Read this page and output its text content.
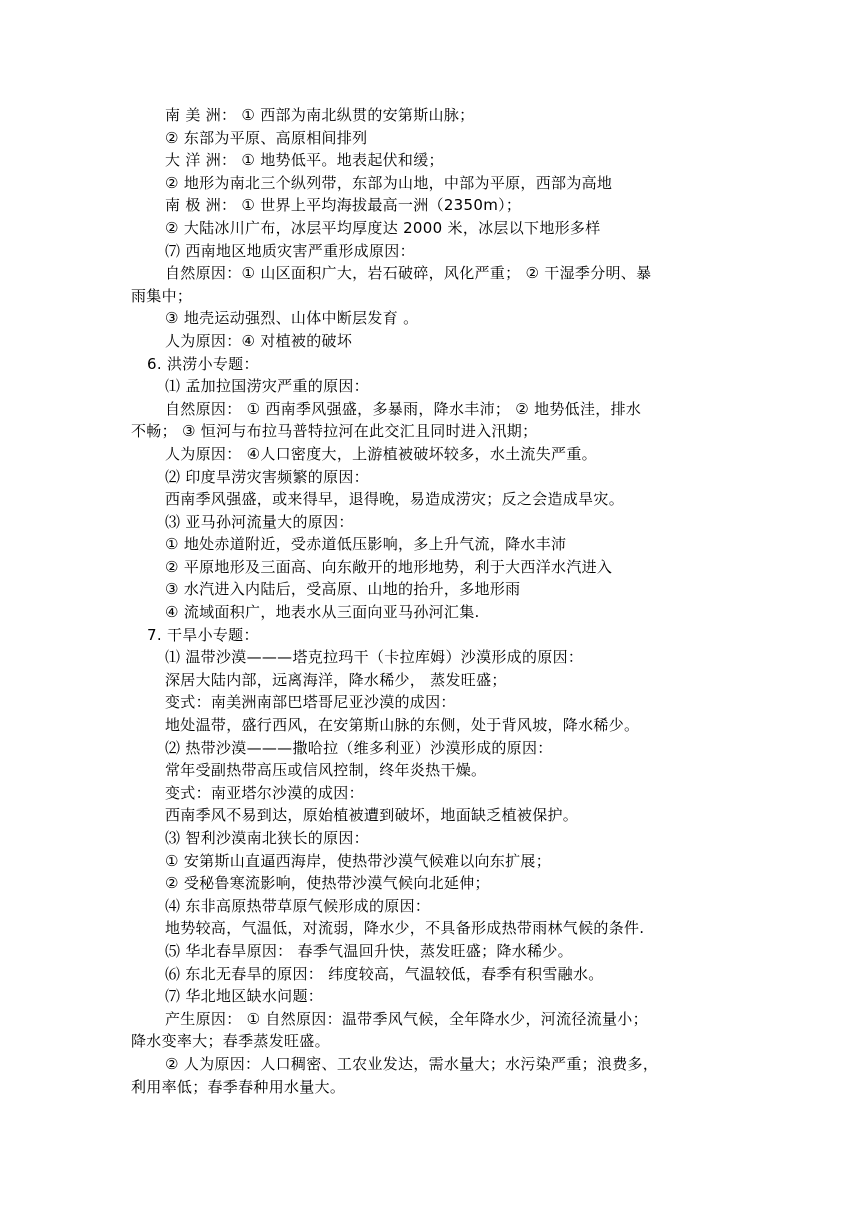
南 美 洲： ① 西部为南北纵贯的安第斯山脉；
② 东部为平原、高原相间排列
大 洋 洲： ① 地势低平。地表起伏和缓；
② 地形为南北三个纵列带，东部为山地，中部为平原，西部为高地
南 极 洲： ① 世界上平均海拔最高一洲（2350m）；
② 大陆冰川广布，冰层平均厚度达 2000 米，冰层以下地形多样
⑺ 西南地区地质灾害严重形成原因：
自然原因：① 山区面积广大，岩石破碎，风化严重； ② 干湿季分明、暴
雨集中；
③ 地壳运动强烈、山体中断层发育 。
人为原因：④ 对植被的破坏
6. 洪涝小专题：
⑴ 孟加拉国涝灾严重的原因：
自然原因： ① 西南季风强盛，多暴雨，降水丰沛； ② 地势低洼，排水
不畅； ③ 恒河与布拉马普特拉河在此交汇且同时进入汛期；
人为原因： ④人口密度大，上游植被破坏较多，水土流失严重。
⑵ 印度旱涝灾害频繁的原因：
西南季风强盛，或来得早，退得晚，易造成涝灾；反之会造成旱灾。
⑶ 亚马孙河流量大的原因：
① 地处赤道附近，受赤道低压影响，多上升气流，降水丰沛
② 平原地形及三面高、向东敞开的地形地势，利于大西洋水汽进入
③ 水汽进入内陆后，受高原、山地的抬升，多地形雨
④ 流域面积广，地表水从三面向亚马孙河汇集.
7. 干旱小专题：
⑴ 温带沙漠———塔克拉玛干（卡拉库姆）沙漠形成的原因：
深居大陆内部，远离海洋，降水稀少， 蒸发旺盛；
变式：南美洲南部巴塔哥尼亚沙漠的成因：
地处温带，盛行西风，在安第斯山脉的东侧，处于背风坡，降水稀少。
⑵ 热带沙漠———撒哈拉（维多利亚）沙漠形成的原因：
常年受副热带高压或信风控制，终年炎热干燥。
变式：南亚塔尔沙漠的成因：
西南季风不易到达，原始植被遭到破坏，地面缺乏植被保护。
⑶ 智利沙漠南北狭长的原因：
① 安第斯山直逼西海岸，使热带沙漠气候难以向东扩展；
② 受秘鲁寒流影响，使热带沙漠气候向北延伸；
⑷ 东非高原热带草原气候形成的原因：
地势较高，气温低，对流弱，降水少，不具备形成热带雨林气候的条件.
⑸ 华北春旱原因： 春季气温回升快，蒸发旺盛；降水稀少。
⑹ 东北无春旱的原因： 纬度较高，气温较低，春季有积雪融水。
⑺ 华北地区缺水问题：
产生原因： ① 自然原因：温带季风气候，全年降水少，河流径流量小；
降水变率大；春季蒸发旺盛。
② 人为原因：人口稠密、工农业发达，需水量大；水污染严重；浪费多，
利用率低；春季春种用水量大。
